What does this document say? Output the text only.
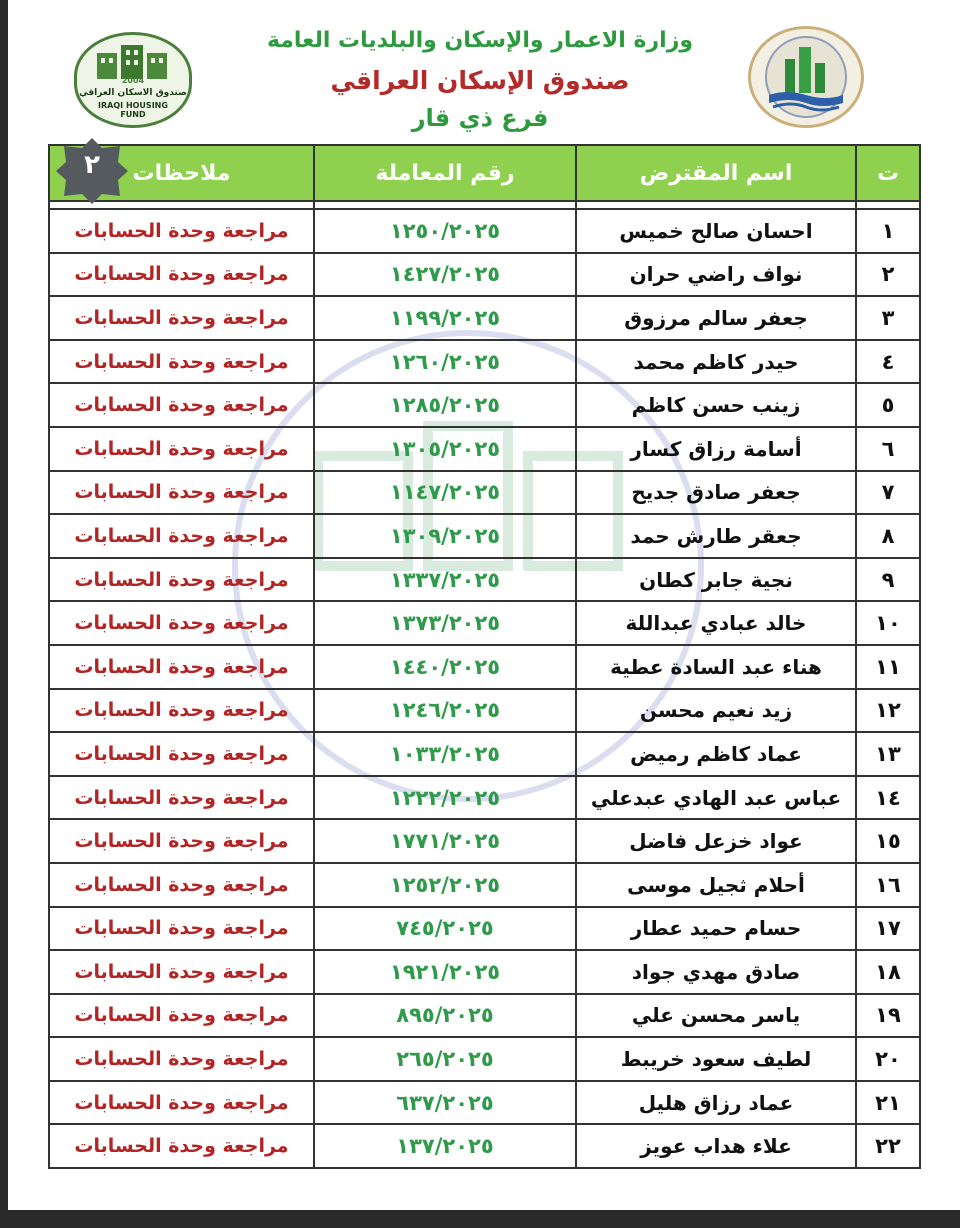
وزارة الاعمار والإسكان والبلديات العامة
صندوق الإسكان العراقي
فرع ذي قار
2004
صندوق الاسكان العراقي
IRAQI HOUSING FUND
ت	اسم المقترض	رقم المعاملة	ملاحظات

١	احسان صالح خميس	١٢٥٠/٢٠٢٥	مراجعة وحدة الحسابات
٢	نواف راضي حران	١٤٢٧/٢٠٢٥	مراجعة وحدة الحسابات
٣	جعفر سالم مرزوق	١١٩٩/٢٠٢٥	مراجعة وحدة الحسابات
٤	حيدر كاظم محمد	١٢٦٠/٢٠٢٥	مراجعة وحدة الحسابات
٥	زينب حسن كاظم	١٢٨٥/٢٠٢٥	مراجعة وحدة الحسابات
٦	أسامة رزاق كسار	١٣٠٥/٢٠٢٥	مراجعة وحدة الحسابات
٧	جعفر صادق جديح	١١٤٧/٢٠٢٥	مراجعة وحدة الحسابات
٨	جعقر طارش حمد	١٣٠٩/٢٠٢٥	مراجعة وحدة الحسابات
٩	نجية جابر كطان	١٣٣٧/٢٠٢٥	مراجعة وحدة الحسابات
١٠	خالد عبادي عبداللة	١٣٧٣/٢٠٢٥	مراجعة وحدة الحسابات
١١	هناء عبد السادة عطية	١٤٤٠/٢٠٢٥	مراجعة وحدة الحسابات
١٢	زيد نعيم محسن	١٢٤٦/٢٠٢٥	مراجعة وحدة الحسابات
١٣	عماد كاظم رميض	١٠٣٣/٢٠٢٥	مراجعة وحدة الحسابات
١٤	عباس عبد الهادي عبدعلي	١٢٢٢/٢٠٢٥	مراجعة وحدة الحسابات
١٥	عواد خزعل فاضل	١٧٧١/٢٠٢٥	مراجعة وحدة الحسابات
١٦	أحلام ثجيل موسى	١٢٥٢/٢٠٢٥	مراجعة وحدة الحسابات
١٧	حسام حميد عطار	٧٤٥/٢٠٢٥	مراجعة وحدة الحسابات
١٨	صادق مهدي جواد	١٩٢١/٢٠٢٥	مراجعة وحدة الحسابات
١٩	ياسر محسن علي	٨٩٥/٢٠٢٥	مراجعة وحدة الحسابات
٢٠	لطيف سعود خريبط	٢٦٥/٢٠٢٥	مراجعة وحدة الحسابات
٢١	عماد رزاق هليل	٦٣٧/٢٠٢٥	مراجعة وحدة الحسابات
٢٢	علاء هداب عويز	١٣٧/٢٠٢٥	مراجعة وحدة الحسابات
٢
